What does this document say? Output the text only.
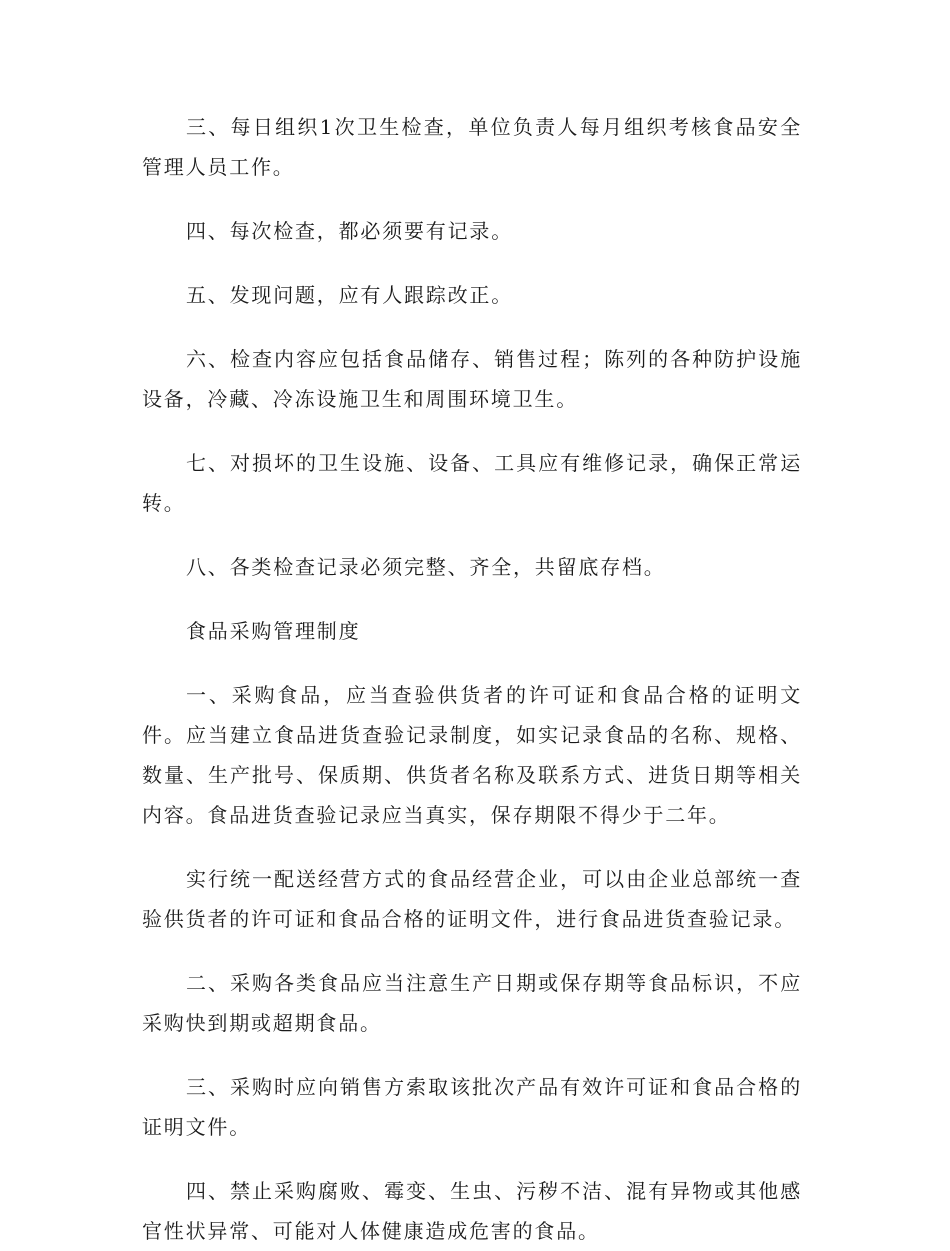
三、每日组织1次卫生检查，单位负责人每月组织考核食品安全管理人员工作。

四、每次检查，都必须要有记录。

五、发现问题，应有人跟踪改正。

六、检查内容应包括食品储存、销售过程；陈列的各种防护设施设备，冷藏、冷冻设施卫生和周围环境卫生。

七、对损坏的卫生设施、设备、工具应有维修记录，确保正常运转。

八、各类检查记录必须完整、齐全，共留底存档。

食品采购管理制度

一、采购食品，应当查验供货者的许可证和食品合格的证明文件。应当建立食品进货查验记录制度，如实记录食品的名称、规格、数量、生产批号、保质期、供货者名称及联系方式、进货日期等相关内容。食品进货查验记录应当真实，保存期限不得少于二年。

实行统一配送经营方式的食品经营企业，可以由企业总部统一查验供货者的许可证和食品合格的证明文件，进行食品进货查验记录。

二、采购各类食品应当注意生产日期或保存期等食品标识，不应采购快到期或超期食品。

三、采购时应向销售方索取该批次产品有效许可证和食品合格的证明文件。

四、禁止采购腐败、霉变、生虫、污秽不洁、混有异物或其他感官性状异常、可能对人体健康造成危害的食品。
